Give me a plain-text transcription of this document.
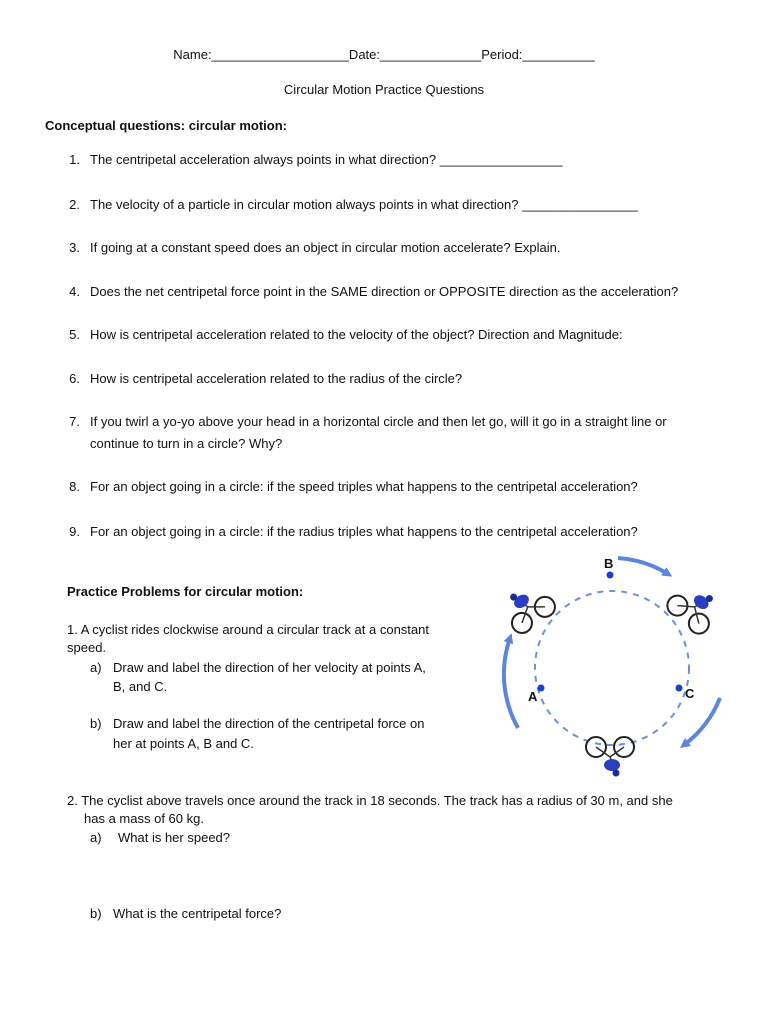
Name:___________________Date:______________Period:__________
Circular Motion Practice Questions
Conceptual questions: circular motion:
1. The centripetal acceleration always points in what direction? _________________
2. The velocity of a particle in circular motion always points in what direction? ________________
3. If going at a constant speed does an object in circular motion accelerate? Explain.
4. Does the net centripetal force point in the SAME direction or OPPOSITE direction as the acceleration?
5. How is centripetal acceleration related to the velocity of the object? Direction and Magnitude:
6. How is centripetal acceleration related to the radius of the circle?
7. If you twirl a yo-yo above your head in a horizontal circle and then let go, will it go in a straight line or
continue to turn in a circle? Why?
8. For an object going in a circle: if the speed triples what happens to the centripetal acceleration?
9. For an object going in a circle: if the radius triples what happens to the centripetal acceleration?
Practice Problems for circular motion:
1. A cyclist rides clockwise around a circular track at a constant
speed.
a) Draw and label the direction of her velocity at points A,
B, and C.
b) Draw and label the direction of the centripetal force on
her at points A, B and C.
2. The cyclist above travels once around the track in 18 seconds. The track has a radius of 30 m, and she
has a mass of 60 kg.
a) What is her speed?
b) What is the centripetal force?
B
A	C
